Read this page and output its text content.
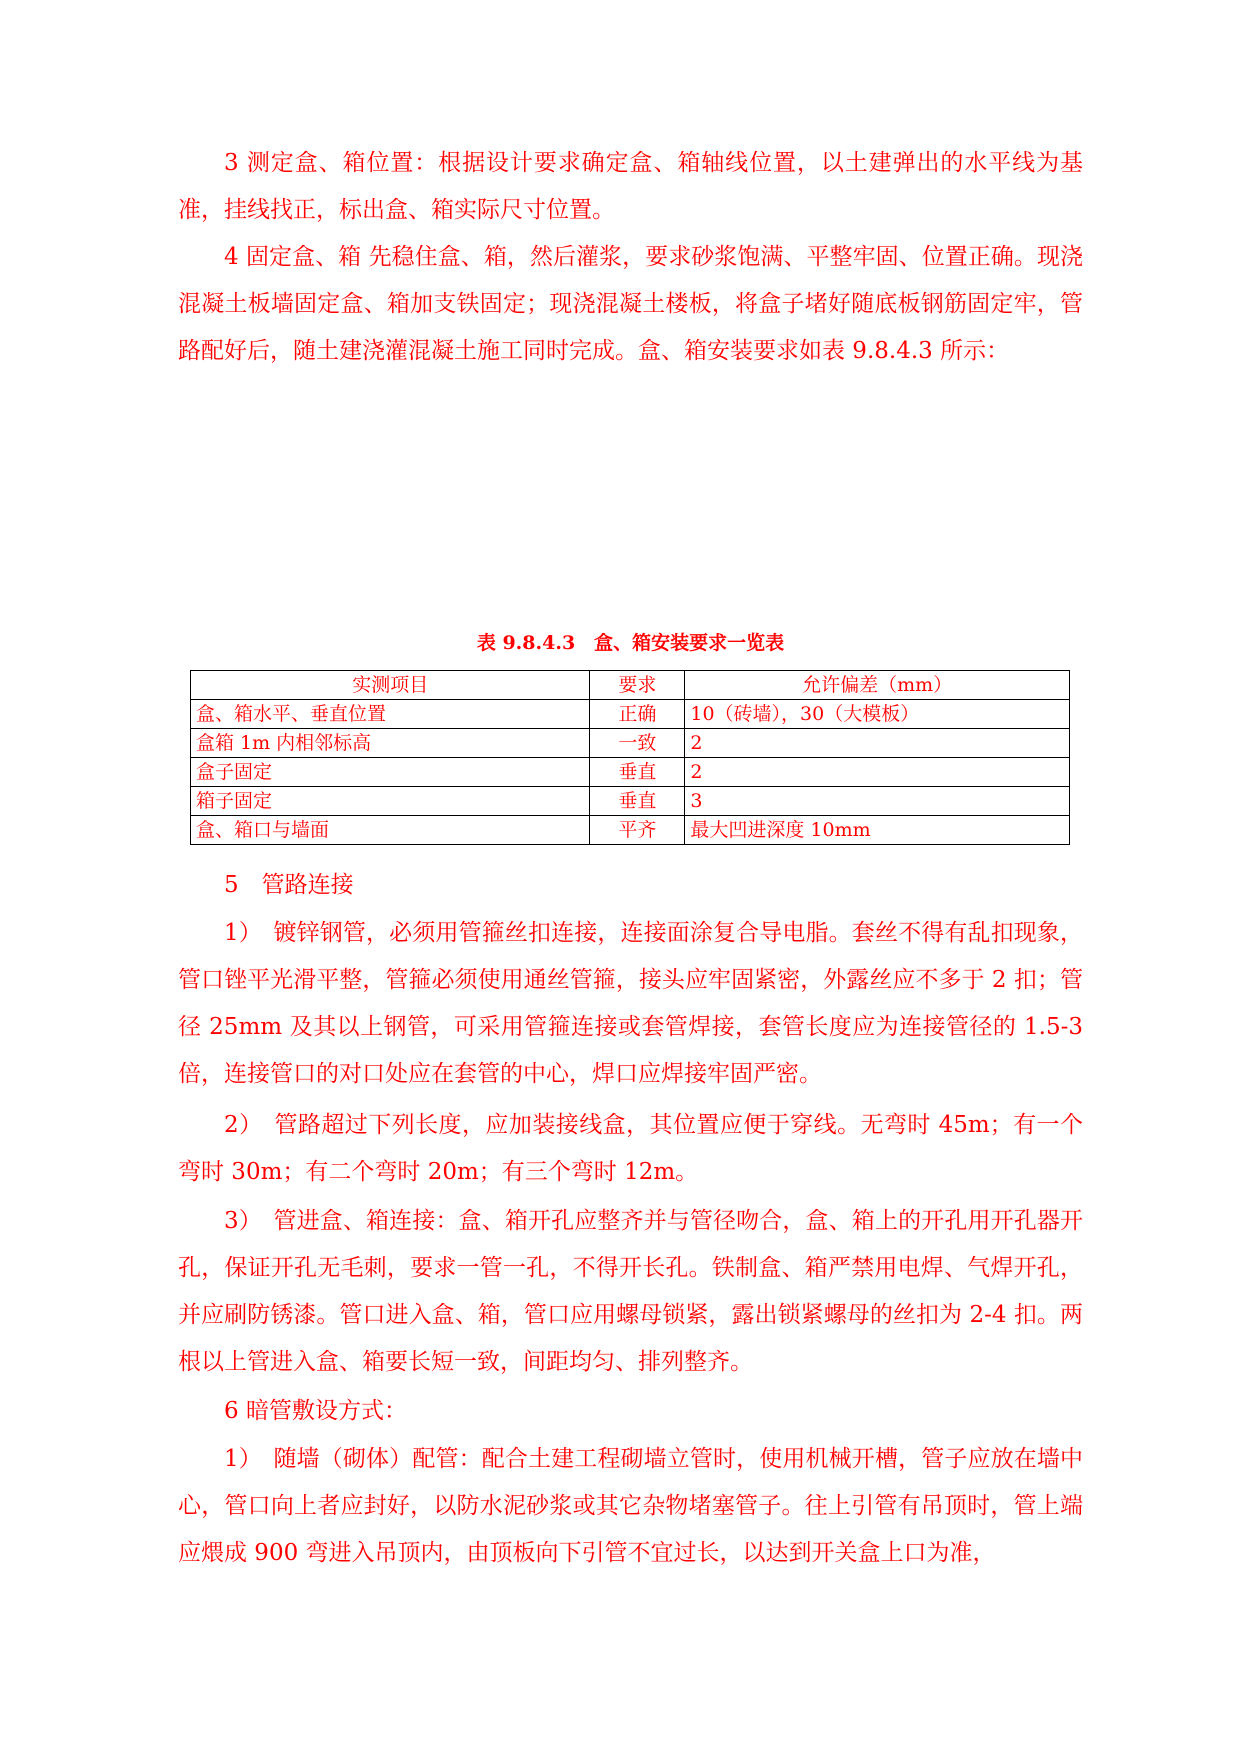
3 测定盒、箱位置：根据设计要求确定盒、箱轴线位置，以土建弹出的水平线为基准，挂线找正，标出盒、箱实际尺寸位置。

4 固定盒、箱 先稳住盒、箱，然后灌浆，要求砂浆饱满、平整牢固、位置正确。现浇混凝土板墙固定盒、箱加支铁固定；现浇混凝土楼板，将盒子堵好随底板钢筋固定牢，管路配好后，随土建浇灌混凝土施工同时完成。盒、箱安装要求如表 9.8.4.3 所示：

表 9.8.4.3　盒、箱安装要求一览表

实测项目	要求	允许偏差（mm）
盒、箱水平、垂直位置	正确	10（砖墙），30（大模板）
盒箱 1m 内相邻标高	一致	2
盒子固定	垂直	2
箱子固定	垂直	3
盒、箱口与墙面	平齐	最大凹进深度 10mm

5　管路连接

1）　镀锌钢管，必须用管箍丝扣连接，连接面涂复合导电脂。套丝不得有乱扣现象，管口锉平光滑平整，管箍必须使用通丝管箍，接头应牢固紧密，外露丝应不多于 2 扣；管径 25mm 及其以上钢管，可采用管箍连接或套管焊接，套管长度应为连接管径的 1.5-3 倍，连接管口的对口处应在套管的中心，焊口应焊接牢固严密。

2）　管路超过下列长度，应加装接线盒，其位置应便于穿线。无弯时 45m；有一个弯时 30m；有二个弯时 20m；有三个弯时 12m。

3）　管进盒、箱连接：盒、箱开孔应整齐并与管径吻合，盒、箱上的开孔用开孔器开孔，保证开孔无毛刺，要求一管一孔，不得开长孔。铁制盒、箱严禁用电焊、气焊开孔，并应刷防锈漆。管口进入盒、箱，管口应用螺母锁紧，露出锁紧螺母的丝扣为 2-4 扣。两根以上管进入盒、箱要长短一致，间距均匀、排列整齐。

6 暗管敷设方式：

1）　随墙（砌体）配管：配合土建工程砌墙立管时，使用机械开槽，管子应放在墙中心，管口向上者应封好，以防水泥砂浆或其它杂物堵塞管子。往上引管有吊顶时，管上端应煨成 900 弯进入吊顶内，由顶板向下引管不宜过长，以达到开关盒上口为准，
